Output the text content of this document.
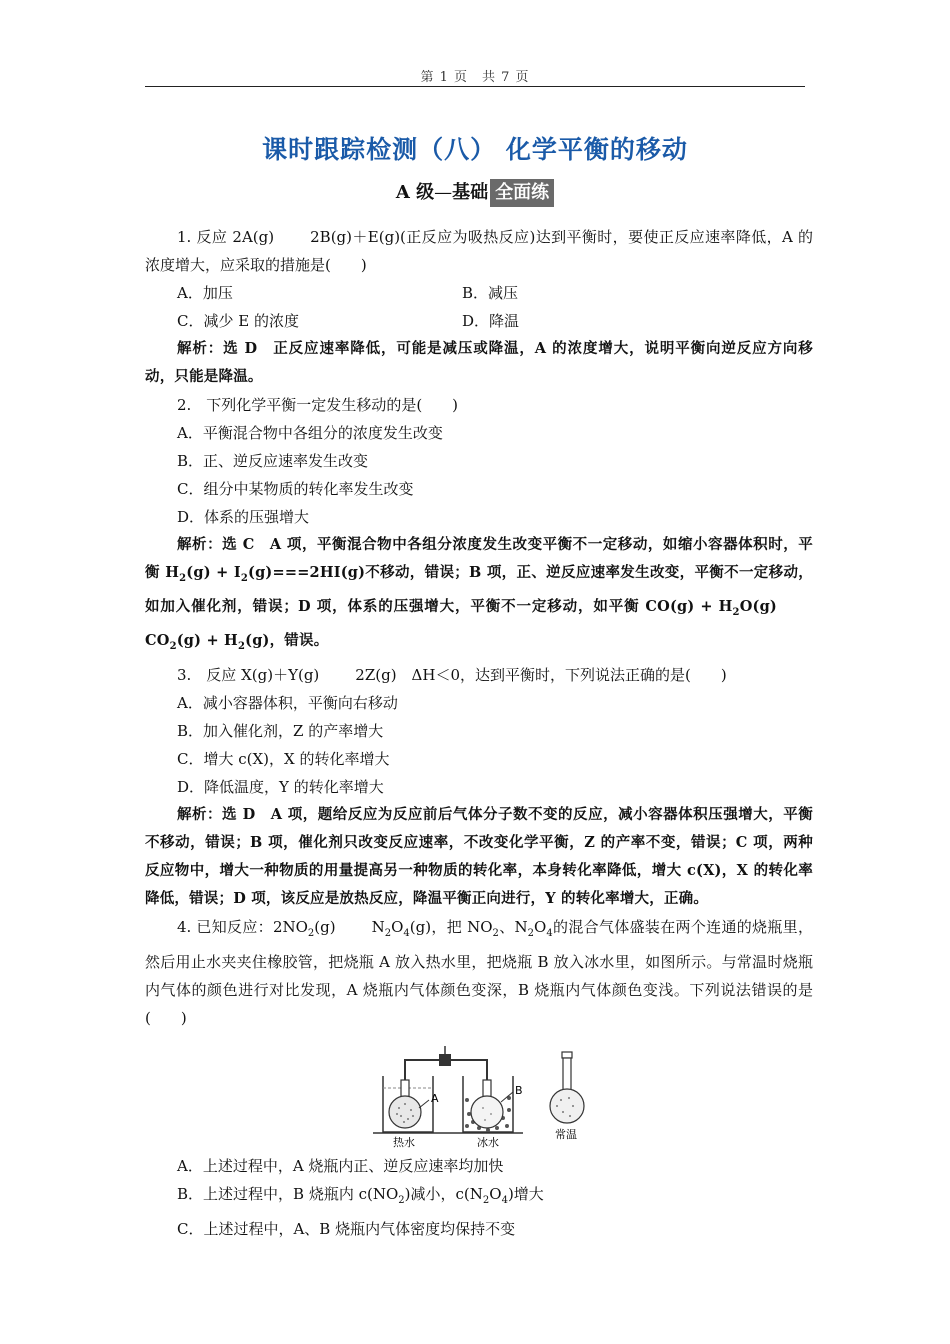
第 1 页　共 7 页
课时跟踪检测（八） 化学平衡的移动
A 级—基础 全面练

1. 反应 2A(g) 2B(g)＋E(g)(正反应为吸热反应)达到平衡时，要使正反应速率降低，A 的浓度增大，应采取的措施是(　　)

A．加压	B．减压
C．减少 E 的浓度	D．降温

解析：选 D　正反应速率降低，可能是减压或降温，A 的浓度增大，说明平衡向逆反应方向移动，只能是降温。

2.　下列化学平衡一定发生移动的是(　　)

A．平衡混合物中各组分的浓度发生改变
B．正、逆反应速率发生改变
C．组分中某物质的转化率发生改变
D．体系的压强增大

解析：选 C　A 项，平衡混合物中各组分浓度发生改变平衡不一定移动，如缩小容器体积时，平衡 $H_2(g) + I_2(g)===2HI(g)$不移动，错误；B 项，正、逆反应速率发生改变，平衡不一定移动，如加入催化剂，错误；D 项，体系的压强增大，平衡不一定移动，如平衡 $CO(g) + H_2O(g)CO_2(g) + H_2(g)$，错误。

3.　反应 X(g)＋Y(g) 2Z(g)　ΔH＜0，达到平衡时，下列说法正确的是(　　)

A．减小容器体积，平衡向右移动
B．加入催化剂，Z 的产率增大
C．增大 c(X)，X 的转化率增大
D．降低温度，Y 的转化率增大

解析：选 D　A 项，题给反应为反应前后气体分子数不变的反应，减小容器体积压强增大，平衡不移动，错误；B 项，催化剂只改变反应速率，不改变化学平衡，Z 的产率不变，错误；C 项，两种反应物中，增大一种物质的用量提高另一种物质的转化率，本身转化率降低，增大 c(X)，X 的转化率降低，错误；D 项，该反应是放热反应，降温平衡正向进行，Y 的转化率增大，正确。

4. 已知反应：$2NO_2(g)$ $N_2O_4(g)$，把 $NO_2$、$N_2O_4$的混合气体盛装在两个连通的烧瓶里，然后用止水夹夹住橡胶管，把烧瓶 A 放入热水里，把烧瓶 B 放入冰水里，如图所示。与常温时烧瓶内气体的颜色进行对比发现，A 烧瓶内气体颜色变深，B 烧瓶内气体颜色变浅。下列说法错误的是(　　)

A
B
热水	冰水
常温
A．上述过程中，A 烧瓶内正、逆反应速率均加快
B．上述过程中，B 烧瓶内 $c(NO_2)$减小，$c(N_2O_4)$增大
C．上述过程中，A、B 烧瓶内气体密度均保持不变
